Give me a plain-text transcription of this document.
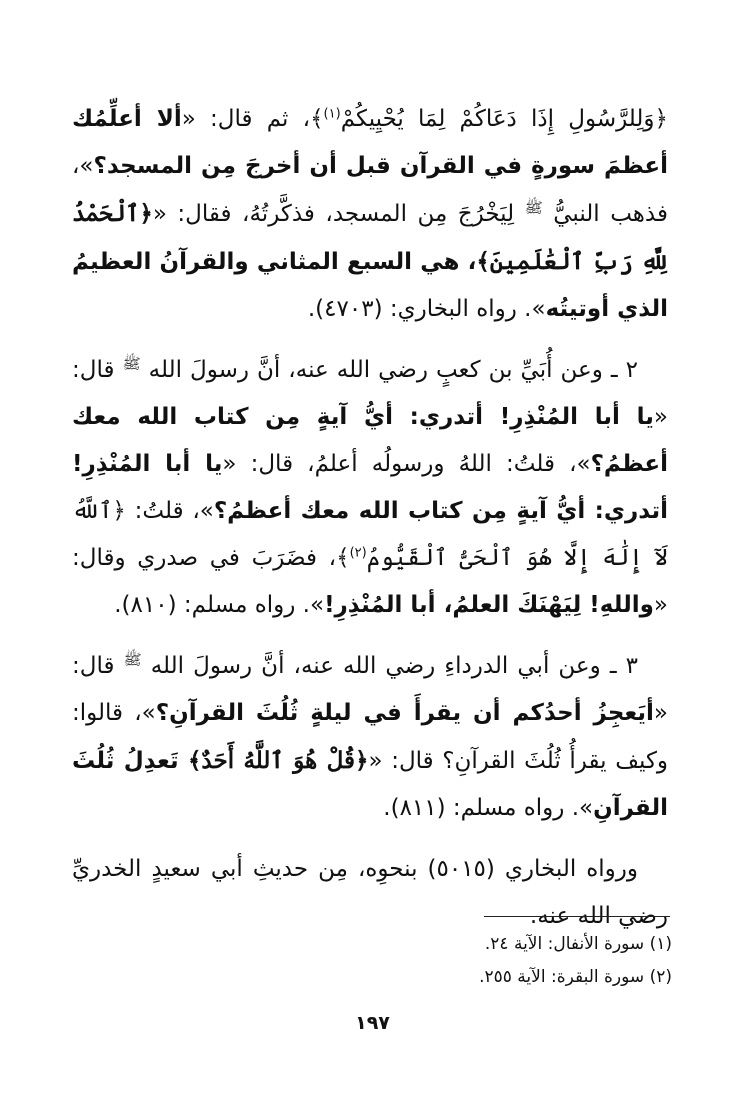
﴿وَلِلرَّسُولِ إِذَا دَعَاكُمْ لِمَا يُحْيِيكُمْ$^{(١)}$﴾، ثم قال: «ألا أعلِّمُك أعظمَ سورةٍ في القرآن قبل أن أخرجَ مِن المسجد؟»، فذهب النبيُّ $^ﷺ$ لِيَخْرُجَ مِن المسجد، فذكَّرتُهُ، فقال: «﴿ٱلْحَمْدُ لِلَّهِ رَبِّ ٱلْعَٰلَمِينَ﴾، هي السبع المثاني والقرآنُ العظيمُ الذي أوتيتُه». رواه البخاري: (٤٧٠٣).

٢ ـ وعن أُبَيِّ بن كعبٍ رضي الله عنه، أنَّ رسولَ الله $^ﷺ$ قال: «يا أبا المُنْذِرِ! أتدري: أيُّ آيةٍ مِن كتاب الله معك أعظمُ؟»، قلتُ: اللهُ ورسولُه أعلمُ، قال: «يا أبا المُنْذِرِ! أتدري: أيُّ آيةٍ مِن كتاب الله معك أعظمُ؟»، قلتُ: ﴿ٱللَّهُ لَآ إِلَٰهَ إِلَّا هُوَ ٱلْحَىُّ ٱلْقَيُّومُ$^{(٢)}$﴾، فضَرَبَ في صدري وقال: «واللهِ! لِيَهْنَكَ العلمُ، أبا المُنْذِرِ!». رواه مسلم: (٨١٠).

٣ ـ وعن أبي الدرداءِ رضي الله عنه، أنَّ رسولَ الله $^ﷺ$ قال: «أيَعجِزُ أحدُكم أن يقرأَ في ليلةٍ ثُلُثَ القرآنِ؟»، قالوا: وكيف يقرأُ ثُلُثَ القرآنِ؟ قال: «﴿قُلْ هُوَ ٱللَّهُ أَحَدٌ﴾ تَعدِلُ ثُلُثَ القرآنِ». رواه مسلم: (٨١١).

ورواه البخاري (٥٠١٥) بنحوِه، مِن حديثِ أبي سعيدٍ الخدريِّ رضي الله عنه.

(١) سورة الأنفال: الآية ٢٤.

(٢) سورة البقرة: الآية ٢٥٥.

١٩٧
